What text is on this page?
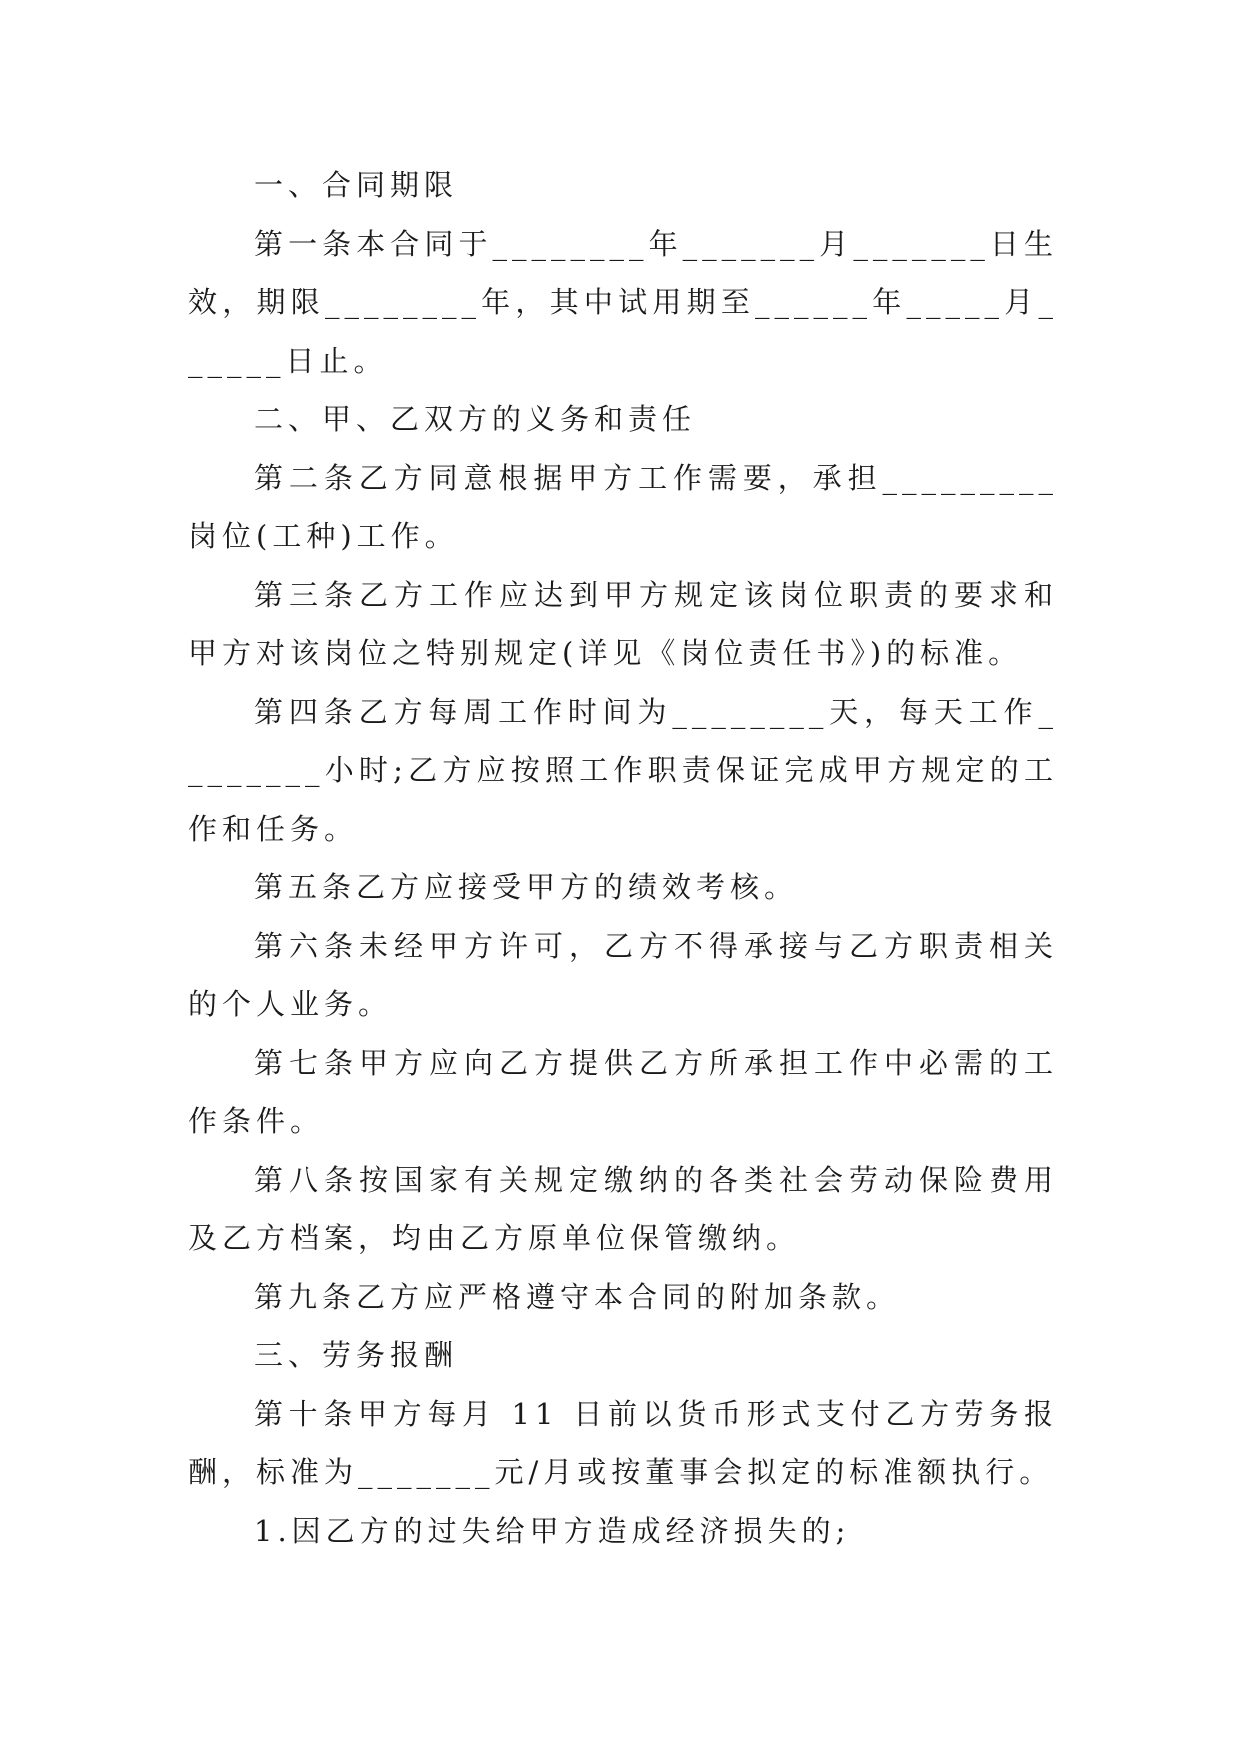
一、合同期限

第一条本合同于________年_______月_______日生效，期限________年，其中试用期至______年_____月______日止。

二、甲、乙双方的义务和责任

第二条乙方同意根据甲方工作需要，承担_________岗位(工种)工作。

第三条乙方工作应达到甲方规定该岗位职责的要求和甲方对该岗位之特别规定(详见《岗位责任书》)的标准。

第四条乙方每周工作时间为________天，每天工作________小时;乙方应按照工作职责保证完成甲方规定的工作和任务。

第五条乙方应接受甲方的绩效考核。

第六条未经甲方许可，乙方不得承接与乙方职责相关的个人业务。

第七条甲方应向乙方提供乙方所承担工作中必需的工作条件。

第八条按国家有关规定缴纳的各类社会劳动保险费用及乙方档案，均由乙方原单位保管缴纳。

第九条乙方应严格遵守本合同的附加条款。

三、劳务报酬

第十条甲方每月 11 日前以货币形式支付乙方劳务报酬，标准为_______元/月或按董事会拟定的标准额执行。

1.因乙方的过失给甲方造成经济损失的;
